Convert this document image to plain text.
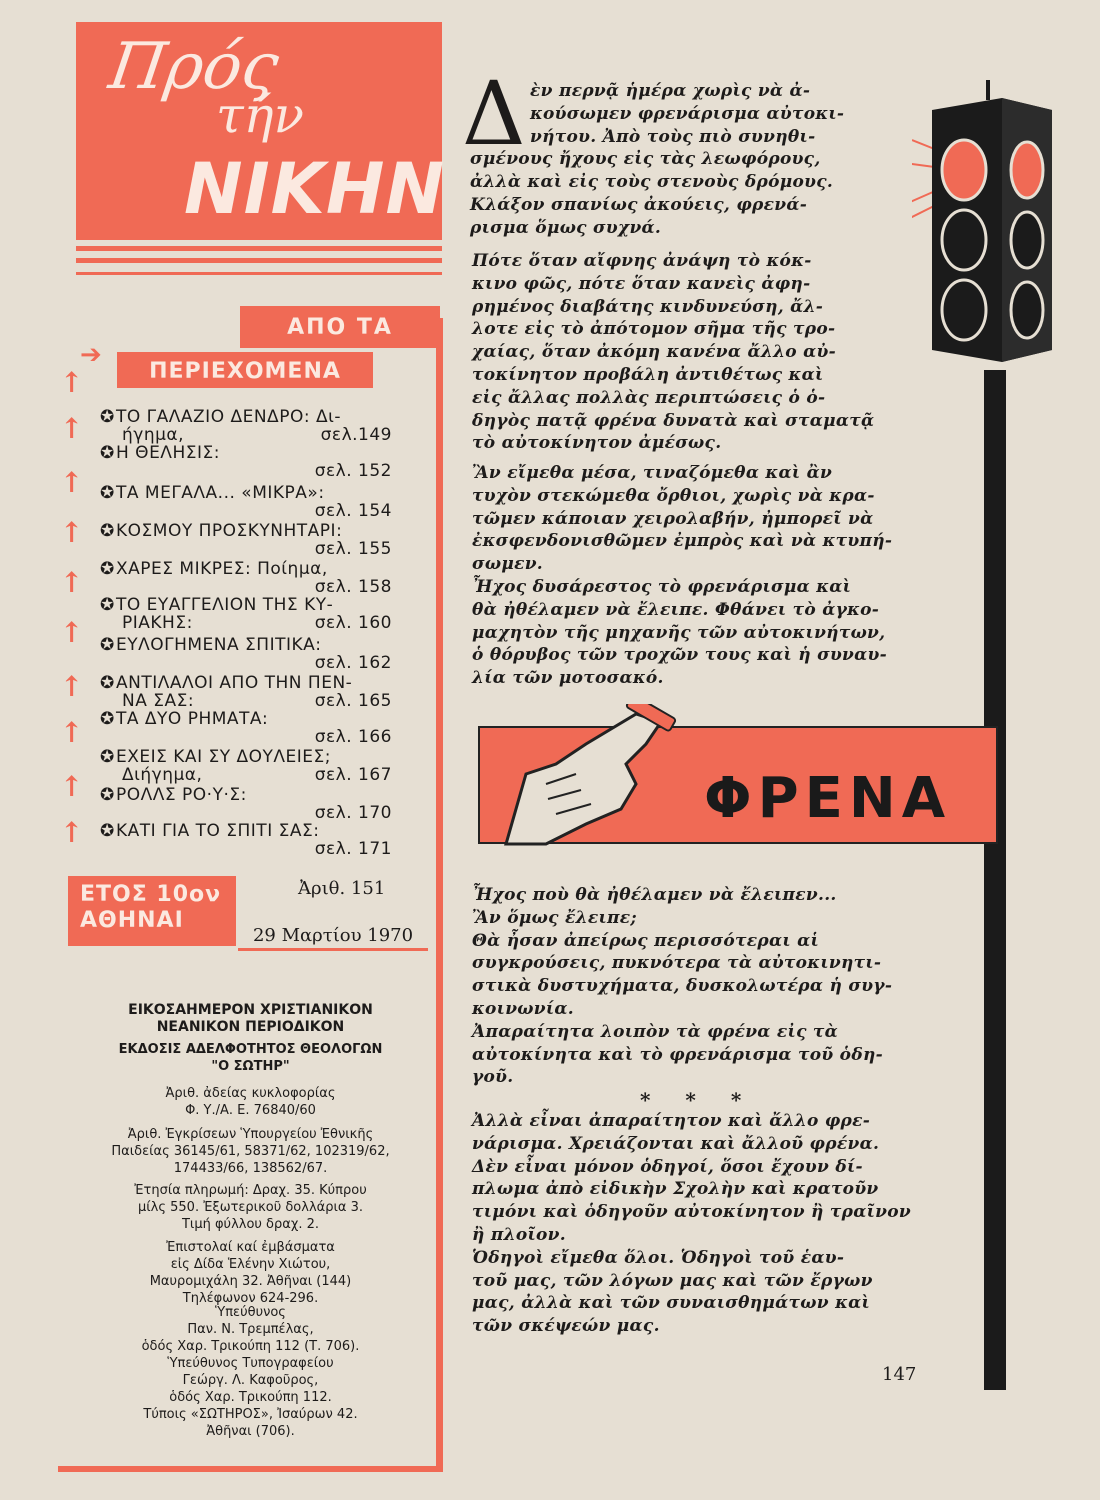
Πρός
τήν
ΝΙΚΗΝ
ΑΠΟ ΤΑ
ΠΕΡΙΕΧΟΜΕΝΑ
➔
↑
↑
↑
↑
↑
↑
↑
↑
↑
↑
✪ΤΟ ΓΑΛΑΖΙΟ ΔΕΝΔΡΟ: Δι-
ήγημα,	σελ.149
✪Η ΘΕΛΗΣΙΣ:
σελ. 152
✪ΤΑ ΜΕΓΑΛΑ... «ΜΙΚΡΑ»:
σελ. 154
✪ΚΟΣΜΟΥ ΠΡΟΣΚΥΝΗΤΑΡΙ:
σελ. 155
✪ΧΑΡΕΣ ΜΙΚΡΕΣ: Ποίημα,
σελ. 158
✪ΤΟ ΕΥΑΓΓΕΛΙΟΝ ΤΗΣ ΚΥ-
ΡΙΑΚΗΣ:	σελ. 160
✪ΕΥΛΟΓΗΜΕΝΑ ΣΠΙΤΙΚΑ:
σελ. 162
✪ΑΝΤΙΛΑΛΟΙ ΑΠΟ ΤΗΝ ΠΕΝ-
ΝΑ ΣΑΣ:	σελ. 165
✪ΤΑ ΔΥΟ ΡΗΜΑΤΑ:
σελ. 166
✪ΕΧΕΙΣ ΚΑΙ ΣΥ ΔΟΥΛΕΙΕΣ;
Διήγημα,	σελ. 167
✪ΡΟΛΛΣ ΡΟ·Υ·Σ:
σελ. 170
✪ΚΑΤΙ ΓΙΑ ΤΟ ΣΠΙΤΙ ΣΑΣ:
σελ. 171
ΕΤΟΣ 10ον
ΑΘΗΝΑΙ
Ἀριθ. 151
29 Μαρτίου 1970
ΕΙΚΟΣΑΗΜΕΡΟΝ ΧΡΙΣΤΙΑΝΙΚΟΝ
ΝΕΑΝΙΚΟΝ ΠΕΡΙΟΔΙΚΟΝ
ΕΚΔΟΣΙΣ ΑΔΕΛΦΟΤΗΤΟΣ ΘΕΟΛΟΓΩΝ
"Ο ΣΩΤΗΡ"
Ἀριθ. ἀδείας κυκλοφορίας
Φ. Υ./Α. Ε. 76840/60
Ἀριθ. Ἐγκρίσεων Ὑπουργείου Ἐθνικῆς
Παιδείας 36145/61, 58371/62, 102319/62,
174433/66, 138562/67.
Ἐτησία πληρωμή: Δραχ. 35. Κύπρου
μίλς 550. Ἐξωτερικοῦ δολλάρια 3.
Τιμή φύλλου δραχ. 2.
Ἐπιστολαί καί ἐμβάσματα
εἰς Δίδα Ἑλένην Χιώτου,
Μαυρομιχάλη 32. Ἀθῆναι (144)
Τηλέφωνον 624-296.
Ὑπεύθυνος
Παν. Ν. Τρεμπέλας,
ὁδός Χαρ. Τρικούπη 112 (Τ. 706).
Ὑπεύθυνος Τυπογραφείου
Γεώργ. Λ. Καφοῦρος,
ὁδός Χαρ. Τρικούπη 112.
Τύποις «ΣΩΤΗΡΟΣ», Ἰσαύρων 42.
Ἀθῆναι (706).
Δ ὲν περνᾷ ἡμέρα χωρὶς νὰ ἀ-
κούσωμεν φρενάρισμα αὐτοκι-
νήτου. Ἀπὸ τοὺς πιὸ συνηθι-
σμένους ἤχους εἰς τὰς λεωφόρους,
ἀλλὰ καὶ εἰς τοὺς στενοὺς δρόμους.
Κλάξον σπανίως ἀκούεις, φρενά-
ρισμα ὅμως συχνά.
Πότε ὅταν αἴφνης ἀνάψη τὸ κόκ-
κινο φῶς, πότε ὅταν κανεὶς ἀφη-
ρημένος διαβάτης κινδυνεύση, ἄλ-
λοτε εἰς τὸ ἀπότομον σῆμα τῆς τρο-
χαίας, ὅταν ἀκόμη κανένα ἄλλο αὐ-
τοκίνητον προβάλη ἀντιθέτως καὶ
εἰς ἄλλας πολλὰς περιπτώσεις ὁ ὁ-
δηγὸς πατᾷ φρένα δυνατὰ καὶ σταματᾷ
τὸ αὐτοκίνητον ἀμέσως.
Ἂν εἴμεθα μέσα, τιναζόμεθα καὶ ἂν
τυχὸν στεκώμεθα ὄρθιοι, χωρὶς νὰ κρα-
τῶμεν κάποιαν χειρολαβήν, ἠμπορεῖ νὰ
ἐκσφενδονισθῶμεν ἐμπρὸς καὶ νὰ κτυπή-
σωμεν.
Ἦχος δυσάρεστος τὸ φρενάρισμα καὶ
θὰ ἠθέλαμεν νὰ ἔλειπε. Φθάνει τὸ ἀγκο-
μαχητὸν τῆς μηχανῆς τῶν αὐτοκινήτων,
ὁ θόρυβος τῶν τροχῶν τους καὶ ἡ συναυ-
λία τῶν μοτοσακό.
ΦΡΕΝΑ
Ἦχος ποὺ θὰ ἠθέλαμεν νὰ ἔλειπεν...
Ἂν ὅμως ἔλειπε;
Θὰ ἦσαν ἀπείρως περισσότεραι αἱ
συγκρούσεις, πυκνότερα τὰ αὐτοκινητι-
στικὰ δυστυχήματα, δυσκολωτέρα ἡ συγ-
κοινωνία.
Ἀπαραίτητα λοιπὸν τὰ φρένα εἰς τὰ
αὐτοκίνητα καὶ τὸ φρενάρισμα τοῦ ὁδη-
γοῦ.
* * *
Ἀλλὰ εἶναι ἀπαραίτητον καὶ ἄλλο φρε-
νάρισμα. Χρειάζονται καὶ ἄλλοῦ φρένα.
Δὲν εἶναι μόνον ὁδηγοί, ὅσοι ἔχουν δί-
πλωμα ἀπὸ εἰδικὴν Σχολὴν καὶ κρατοῦν
τιμόνι καὶ ὁδηγοῦν αὐτοκίνητον ἢ τραῖνον
ἢ πλοῖον.
Ὁδηγοὶ εἴμεθα ὅλοι. Ὁδηγοὶ τοῦ ἑαυ-
τοῦ μας, τῶν λόγων μας καὶ τῶν ἔργων
μας, ἀλλὰ καὶ τῶν συναισθημάτων καὶ
τῶν σκέψεών μας.
147
